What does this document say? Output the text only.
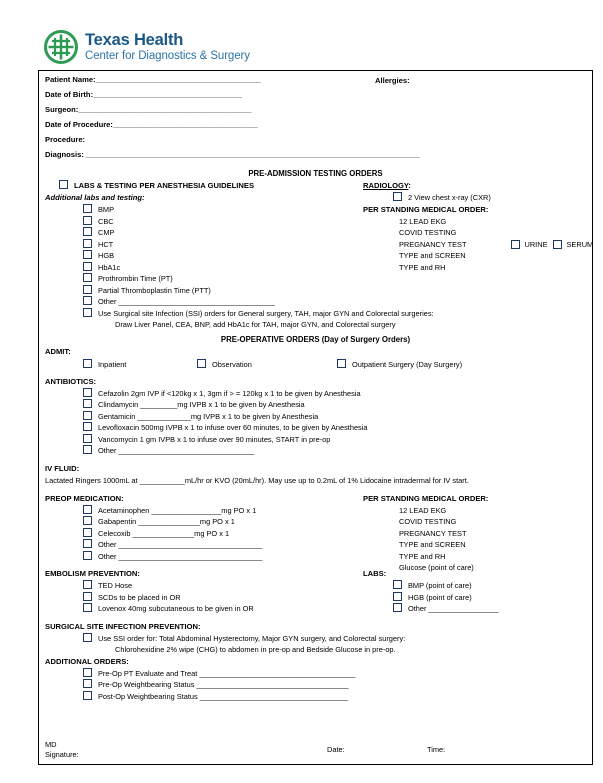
Texas Health
Center for Diagnostics & Surgery
Allergies:
Patient Name:_________________________________________
Date of Birth:_____________________________________
Surgeon:___________________________________________
Date of Procedure:____________________________________
Procedure:
Diagnosis: ___________________________________________________________________________________
PRE-ADMISSION TESTING ORDERS
LABS & TESTING PER ANESTHESIA GUIDELINES
Additional labs and testing:
BMP
CBC
CMP
HCT
HGB
HbA1c
Prothrombin Time (PT)
Partial Thromboplastin Time (PTT)
Other ______________________________________
RADIOLOGY:
2 View chest x-ray (CXR)
PER STANDING MEDICAL ORDER:
12 LEAD EKG
COVID TESTING
PREGNANCY TEST	URINE	SERUM
TYPE and SCREEN
TYPE and RH
Use Surgical site Infection (SSI) orders for General surgery, TAH, major GYN and Colorectal surgeries:
Draw Liver Panel, CEA, BNP, add HbA1c for TAH, major GYN, and Colorectal surgery
PRE-OPERATIVE ORDERS (Day of Surgery Orders)
ADMIT:
Inpatient	Observation	Outpatient Surgery (Day Surgery)
ANTIBIOTICS:
Cefazolin 2gm IVP if <120kg x 1, 3gm if > = 120kg x 1 to be given by Anesthesia
Clindamycin _________mg IVPB x 1 to be given by Anesthesia
Gentamicin _____________mg IVPB x 1 to be given by Anesthesia
Levofloxacin 500mg IVPB x 1 to infuse over 60 minutes, to be given by Anesthesia
Vancomycin 1 gm IVPB x 1 to infuse over 90 minutes, START in pre-op
Other _________________________________
IV FLUID:
Lactated Ringers 1000mL at ___________mL/hr or KVO (20mL/hr). May use up to 0.2mL of 1% Lidocaine intradermal for IV start.
PREOP MEDICATION:
Acetaminophen _________________mg PO x 1
Gabapentin _______________mg PO x 1
Celecoxib _______________mg PO x 1
Other ___________________________________
Other ___________________________________
PER STANDING MEDICAL ORDER:
12 LEAD EKG
COVID TESTING
PREGNANCY TEST
TYPE and SCREEN
TYPE and RH
Glucose (point of care)
EMBOLISM PREVENTION:
TED Hose
SCDs to be placed in OR
Lovenox 40mg subcutaneous to be given in OR
LABS:
BMP (point of care)
HGB (point of care)
Other _________________
SURGICAL SITE INFECTION PREVENTION:
Use SSI order for: Total Abdominal Hysterectomy, Major GYN surgery, and Colorectal surgery:
Chlorohexidine 2% wipe (CHG) to abdomen in pre-op and Bedside Glucose in pre-op.
ADDITIONAL ORDERS:
Pre-Op PT Evaluate and Treat ______________________________________
Pre-Op Weightbearing Status _____________________________________
Post-Op Weightbearing Status ____________________________________
MD
Signature:
Date:	Time:
